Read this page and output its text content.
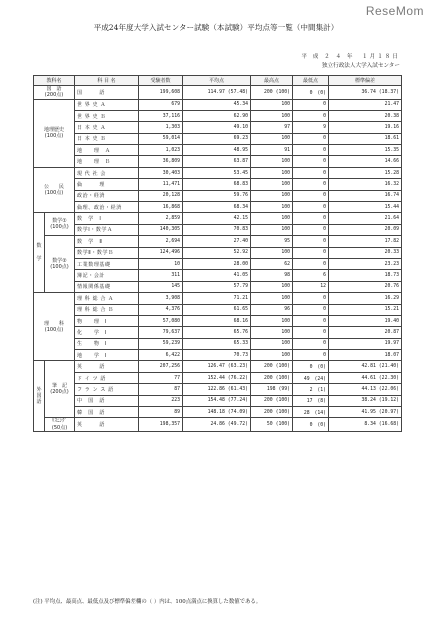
ReseMom
平成24年度大学入試センター試験（本試験）平均点等一覧（中間集計）
平 成 ２ ４ 年　１月１８日
独立行政法人大学入試センター
教科名		科 目 名	受験者数	平均点	最高点	最低点	標準偏差
国　語
(200点)		国　　　語	199,608	114.97 (57.48)	200 (100)	0　(0)	36.74 (18.37)
地理歴史
(100点)		世 界 史 Ａ	679	45.34	100	0	21.47
		世 界 史 Ｂ	37,116	62.90	100	0	20.38
		日 本 史 Ａ	1,303	49.10	97	9	19.16
		日 本 史 Ｂ	59,014	69.23	100	0	18.61
		地　　理　Ａ	1,023	48.95	91	0	15.35
		地　　理　Ｂ	36,809	63.87	100	0	14.66
公　　民
(100点)		現 代 社 会	30,403	53.45	100	0	15.28
		倫　　　理	11,471	68.83	100	0	16.32
		政治・経済	20,128	59.76	100	0	16.74
		倫理、政治・経済	16,868	68.34	100	0	15.44
数

学	数学①
(100点)	数　学　Ⅰ	2,859	42.15	100	0	21.64
		数学Ⅰ・数学Ａ	140,305	70.83	100	0	20.09
	数学②
(100点)	数　学　Ⅱ	2,694	27.40	95	0	17.82
		数学Ⅱ・数学Ｂ	124,496	52.92	100	0	20.33
		工業数理基礎	10	28.00	62	0	23.23
		簿記・会計	311	41.05	98	6	18.73
		情報関係基礎	145	57.79	100	12	20.76
理　　科
(100点)		理 科 総 合 Ａ	3,908	71.21	100	0	16.29
		理 科 総 合 Ｂ	4,376	61.65	96	0	15.21
		物　　理　Ⅰ	57,080	68.16	100	0	19.40
		化　　学　Ⅰ	79,637	65.76	100	0	20.87
		生　　物　Ⅰ	59,239	65.33	100	0	19.97
		地　　学　Ⅰ	6,422	70.73	100	0	18.07
外国語	筆　記
(200点)	英　　　語	207,256	126.47 (63.23)	200 (100)	0　(0)	42.81 (21.40)
		ド イ ツ 語	77	152.44 (76.22)	200 (100)	49　(24)	44.61 (22.30)
		フ ラ ン ス 語	87	122.86 (61.43)	198 (99)	2　(1)	44.13 (22.06)
		中　国　語	223	154.48 (77.24)	200 (100)	17　(8)	38.24 (19.12)
		韓　国　語	89	148.18 (74.09)	200 (100)	28　(14)	41.95 (20.97)
	ﾘｽﾆﾝｸﾞ
(50点)	英　　　語	198,357	24.86 (49.72)	50 (100)	0　(0)	8.34 (16.68)
(注) 平均点、最高点、最低点及び標準偏差欄の（ ）内は、100点満点に換算した数値である。
